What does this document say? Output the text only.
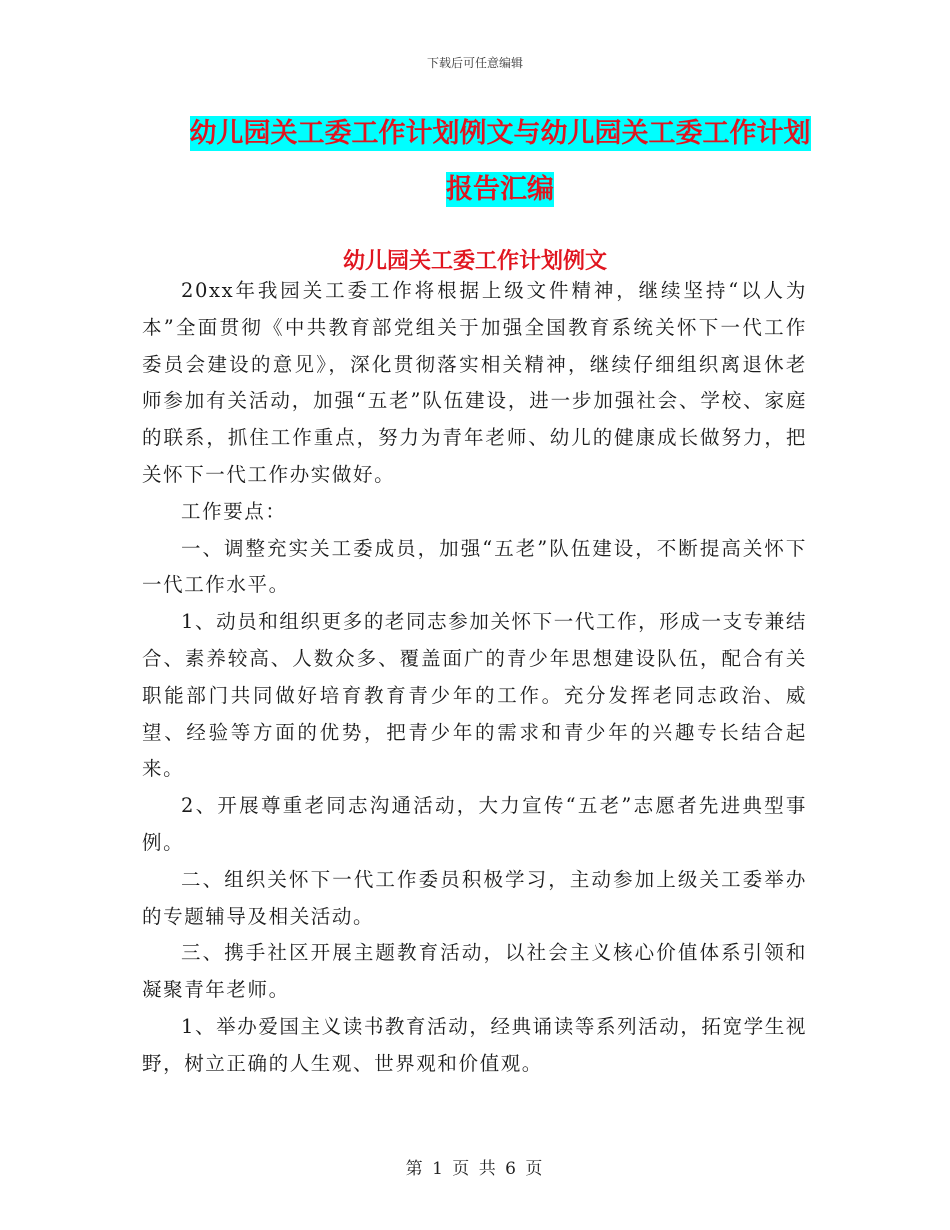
下载后可任意编辑
幼儿园关工委工作计划例文与幼儿园关工委工作计划
报告汇编
幼儿园关工委工作计划例文

20xx年我园关工委工作将根据上级文件精神，继续坚持“以人为本”全面贯彻《中共教育部党组关于加强全国教育系统关怀下一代工作委员会建设的意见》，深化贯彻落实相关精神，继续仔细组织离退休老师参加有关活动，加强“五老”队伍建设，进一步加强社会、学校、家庭的联系，抓住工作重点，努力为青年老师、幼儿的健康成长做努力，把关怀下一代工作办实做好。

工作要点：

一、调整充实关工委成员，加强“五老”队伍建设，不断提高关怀下一代工作水平。

1、动员和组织更多的老同志参加关怀下一代工作，形成一支专兼结合、素养较高、人数众多、覆盖面广的青少年思想建设队伍，配合有关职能部门共同做好培育教育青少年的工作。充分发挥老同志政治、威望、经验等方面的优势，把青少年的需求和青少年的兴趣专长结合起来。

2、开展尊重老同志沟通活动，大力宣传“五老”志愿者先进典型事例。

二、组织关怀下一代工作委员积极学习，主动参加上级关工委举办的专题辅导及相关活动。

三、携手社区开展主题教育活动，以社会主义核心价值体系引领和凝聚青年老师。

1、举办爱国主义读书教育活动，经典诵读等系列活动，拓宽学生视野，树立正确的人生观、世界观和价值观。

第 1 页 共 6 页
